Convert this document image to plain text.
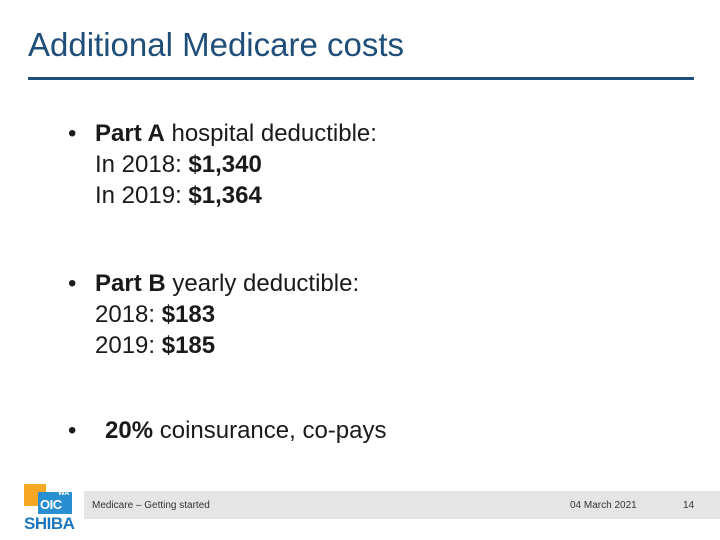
Additional Medicare costs
• Part A hospital deductible:
In 2018: $1,340
In 2019: $1,364
• Part B yearly deductible:
2018: $183
2019: $185
• 20% coinsurance, co‑pays
Medicare – Getting started	04 March 2021	14
WA
OIC
SHIBA
